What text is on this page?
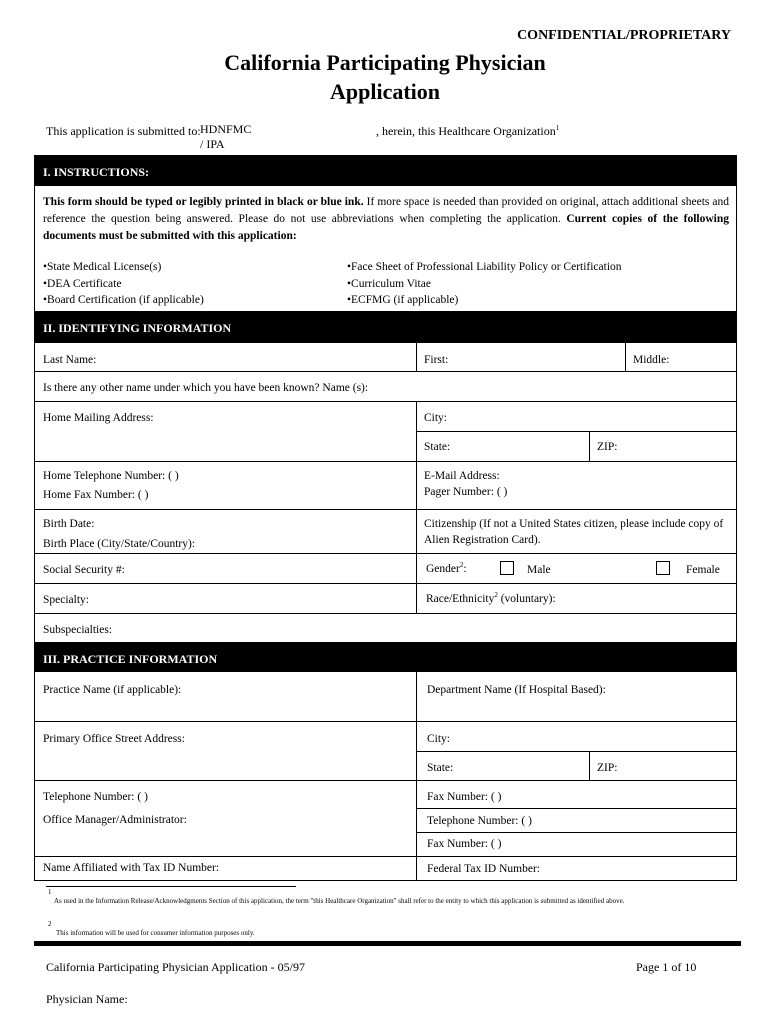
CONFIDENTIAL/PROPRIETARY
California Participating Physician
Application
This application is submitted to: HDNFMC / IPA
, herein, this Healthcare Organization$^1$
I. INSTRUCTIONS:
This form should be typed or legibly printed in black or blue ink. If more space is needed than provided on original, attach additional sheets and reference the question being answered. Please do not use abbreviations when completing the application. Current copies of the following documents must be submitted with this application:
•State Medical License(s)
•DEA Certificate
•Board Certification (if applicable)
•Face Sheet of Professional Liability Policy or Certification
•Curriculum Vitae
•ECFMG (if applicable)
II. IDENTIFYING INFORMATION
Last Name:	First:	Middle:
Is there any other name under which you have been known? Name (s):
Home Mailing Address:	City:
State:	ZIP:
Home Telephone Number: ( )
Home Fax Number: ( )
E-Mail Address:
Pager Number: ( )
Birth Date:
Birth Place (City/State/Country):
Citizenship (If not a United States citizen, please include copy of
Alien Registration Card).
Social Security #:	Gender$^2$:	Male	Female
Specialty:	Race/Ethnicity$^2$ (voluntary):
Subspecialties:
III. PRACTICE INFORMATION
Practice Name (if applicable):	Department Name (If Hospital Based):
Primary Office Street Address:	City:
State:	ZIP:
Telephone Number: ( )	Fax Number: ( )
Office Manager/Administrator:	Telephone Number: ( )
Fax Number: ( )
Name Affiliated with Tax ID Number:	Federal Tax ID Number:
1
As used in the Information Release/Acknowledgments Section of this application, the term "this Healthcare Organization" shall refer to the entity to which this application is submitted as identified above.
2
This information will be used for consumer information purposes only.
California Participating Physician Application - 05/97	Page 1 of 10
Physician Name:
